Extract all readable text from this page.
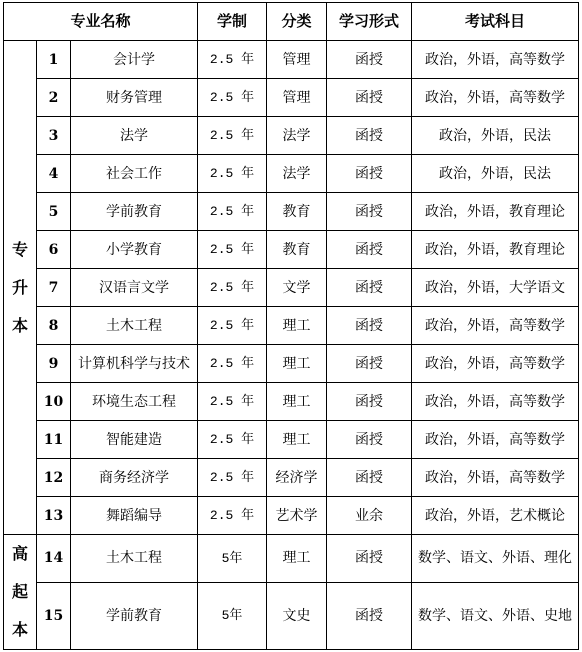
专业名称			学制	分类	学习形式	考试科目

专
升
本	1	会计学	2.5 年	管理	函授	政治，外语，高等数学
	2	财务管理	2.5 年	管理	函授	政治，外语，高等数学
	3	法学	2.5 年	法学	函授	政治，外语，民法
	4	社会工作	2.5 年	法学	函授	政治，外语，民法
	5	学前教育	2.5 年	教育	函授	政治，外语，教育理论
	6	小学教育	2.5 年	教育	函授	政治，外语，教育理论
	7	汉语言文学	2.5 年	文学	函授	政治，外语，大学语文
	8	土木工程	2.5 年	理工	函授	政治，外语，高等数学
	9	计算机科学与技术	2.5 年	理工	函授	政治，外语，高等数学
	10	环境生态工程	2.5 年	理工	函授	政治，外语，高等数学
	11	智能建造	2.5 年	理工	函授	政治，外语，高等数学
	12	商务经济学	2.5 年	经济学	函授	政治，外语，高等数学
	13	舞蹈编导	2.5 年	艺术学	业余	政治，外语，艺术概论

高
起
本	14	土木工程	5年	理工	函授	数学、语文、外语、理化
	15	学前教育	5年	文史	函授	数学、语文、外语、史地
